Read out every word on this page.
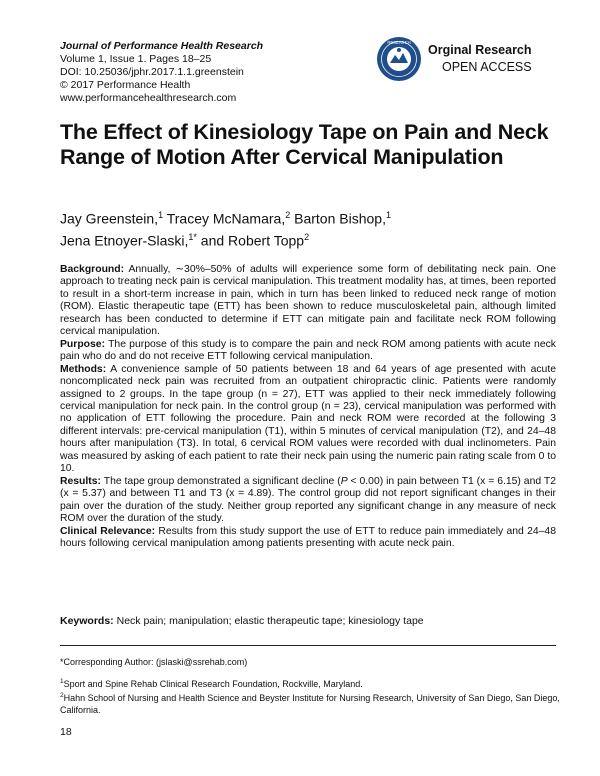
Journal of Performance Health Research
Volume 1, Issue 1. Pages 18–25
DOI: 10.25036/jphr.2017.1.1.greenstein
© 2017 Performance Health
www.performancehealthresearch.com
RESEARCH
Orginal Research
OPEN ACCESS
The Effect of Kinesiology Tape on Pain and Neck Range of Motion After Cervical Manipulation
Jay Greenstein,$^1$ Tracey McNamara,$^2$ Barton Bishop,$^1$
Jena Etnoyer-Slaski,$^{1*}$ and Robert Topp$^2$

Background: Annually, ∼30%–50% of adults will experience some form of debilitating neck pain. One approach to treating neck pain is cervical manipulation. This treatment modality has, at times, been reported to result in a short-term increase in pain, which in turn has been linked to reduced neck range of motion (ROM). Elastic therapeutic tape (ETT) has been shown to reduce musculoskeletal pain, although limited research has been conducted to determine if ETT can mitigate pain and facilitate neck ROM following cervical manipulation.

Purpose: The purpose of this study is to compare the pain and neck ROM among patients with acute neck pain who do and do not receive ETT following cervical manipulation.

Methods: A convenience sample of 50 patients between 18 and 64 years of age presented with acute noncomplicated neck pain was recruited from an outpatient chiropractic clinic. Patients were randomly assigned to 2 groups. In the tape group (n = 27), ETT was applied to their neck immediately following cervical manipulation for neck pain. In the control group (n = 23), cervical manipulation was performed with no application of ETT following the procedure. Pain and neck ROM were recorded at the following 3 different intervals: pre-cervical manipulation (T1), within 5 minutes of cervical manipulation (T2), and 24–48 hours after manipulation (T3). In total, 6 cervical ROM values were recorded with dual inclinometers. Pain was measured by asking of each patient to rate their neck pain using the numeric pain rating scale from 0 to 10.

Results: The tape group demonstrated a significant decline (P < 0.00) in pain between T1 (x = 6.15) and T2 (x = 5.37) and between T1 and T3 (x = 4.89). The control group did not report significant changes in their pain over the duration of the study. Neither group reported any significant change in any measure of neck ROM over the duration of the study.

Clinical Relevance: Results from this study support the use of ETT to reduce pain immediately and 24–48 hours following cervical manipulation among patients presenting with acute neck pain.

Keywords: Neck pain; manipulation; elastic therapeutic tape; kinesiology tape
*Corresponding Author: (jslaski@ssrehab.com)
$^1$Sport and Spine Rehab Clinical Research Foundation, Rockville, Maryland.
$^2$Hahn School of Nursing and Health Science and Beyster Institute for Nursing Research, University of San Diego, San Diego, California.
18
